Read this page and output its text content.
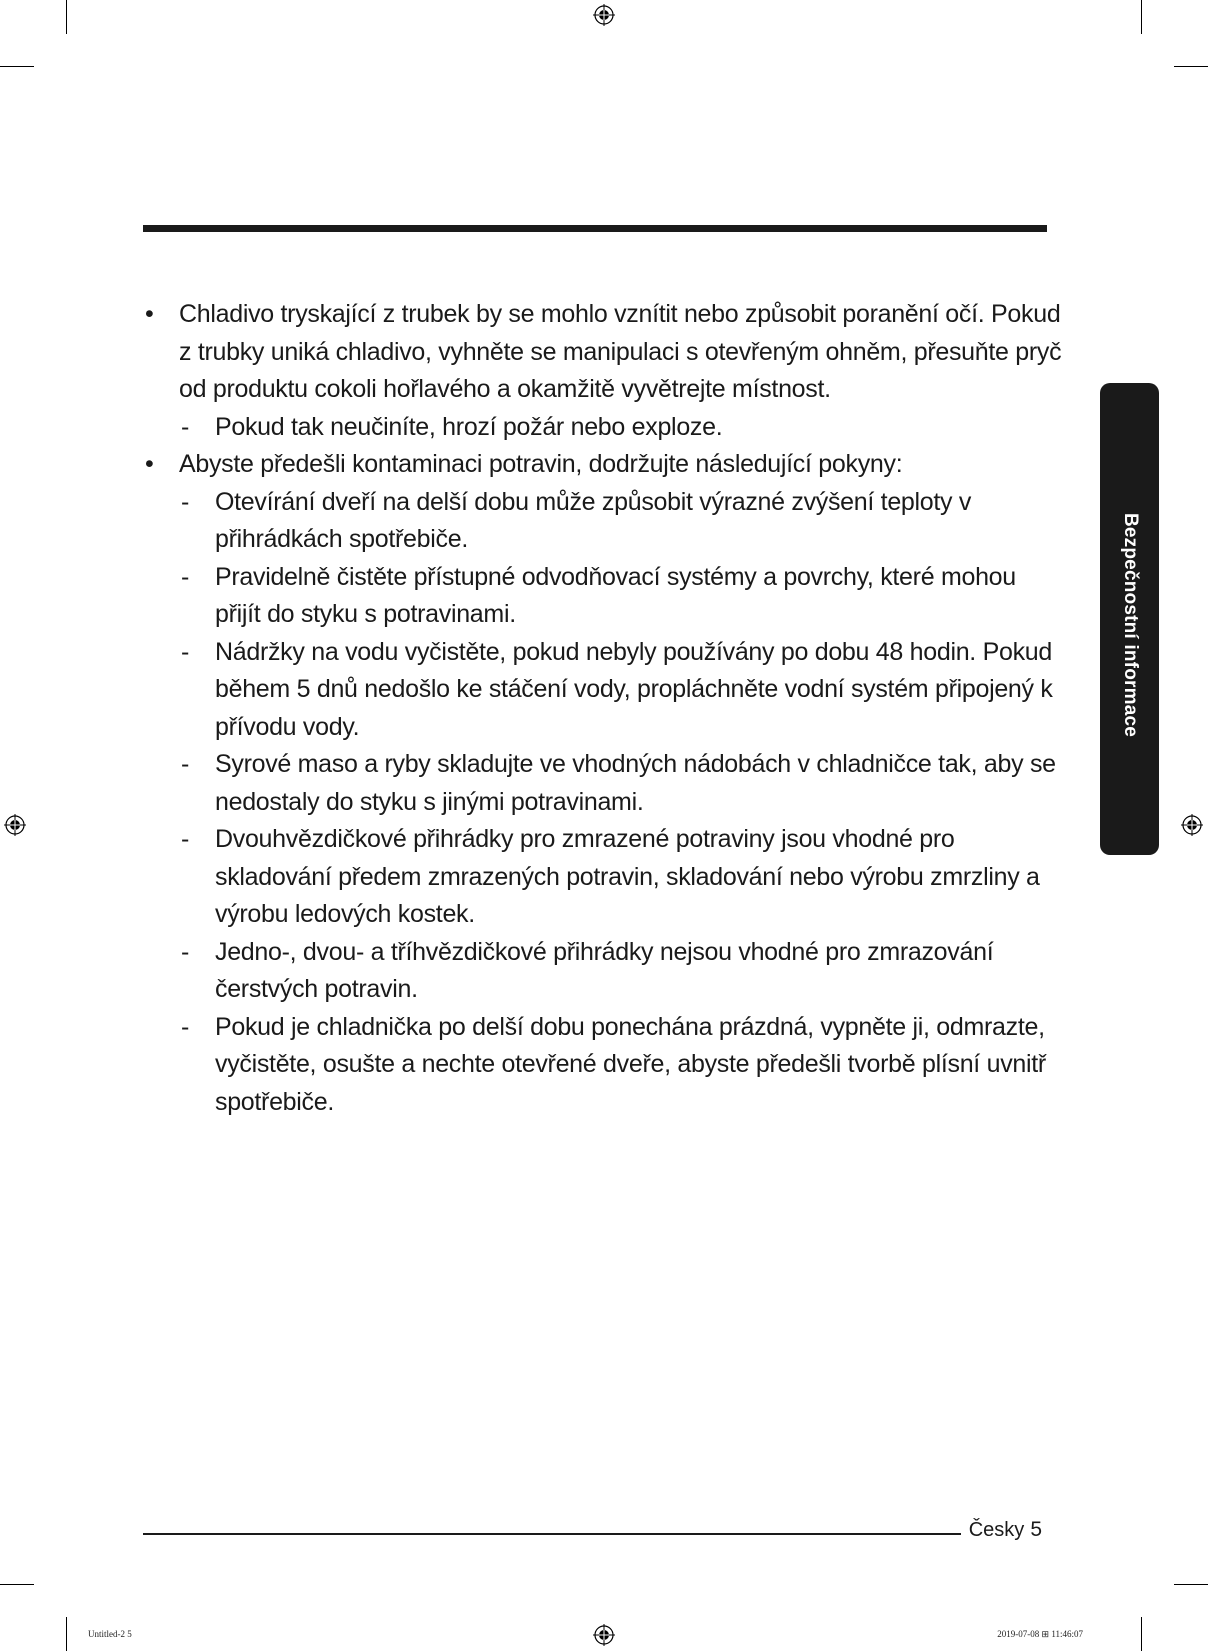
Bezpečnostní informace
• Chladivo tryskající z trubek by se mohlo vznítit nebo způsobit poranění očí. Pokud z trubky uniká chladivo, vyhněte se manipulaci s otevřeným ohněm, přesuňte pryč od produktu cokoli hořlavého a okamžitě vyvětrejte místnost.
- Pokud tak neučiníte, hrozí požár nebo exploze.
• Abyste předešli kontaminaci potravin, dodržujte následující pokyny:
- Otevírání dveří na delší dobu může způsobit výrazné zvýšení teploty v přihrádkách spotřebiče.
- Pravidelně čistěte přístupné odvodňovací systémy a povrchy, které mohou přijít do styku s potravinami.
- Nádržky na vodu vyčistěte, pokud nebyly používány po dobu 48 hodin. Pokud během 5 dnů nedošlo ke stáčení vody, propláchněte vodní systém připojený k přívodu vody.
- Syrové maso a ryby skladujte ve vhodných nádobách v chladničce tak, aby se nedostaly do styku s jinými potravinami.
- Dvouhvězdičkové přihrádky pro zmrazené potraviny jsou vhodné pro skladování předem zmrazených potravin, skladování nebo výrobu zmrzliny a výrobu ledových kostek.
- Jedno-, dvou- a tříhvězdičkové přihrádky nejsou vhodné pro zmrazování čerstvých potravin.
- Pokud je chladnička po delší dobu ponechána prázdná, vypněte ji, odmrazte, vyčistěte, osušte a nechte otevřené dveře, abyste předešli tvorbě plísní uvnitř spotřebiče.
Česky 5
Untitled-2 5	2019-07-08 ⊞ 11:46:07
